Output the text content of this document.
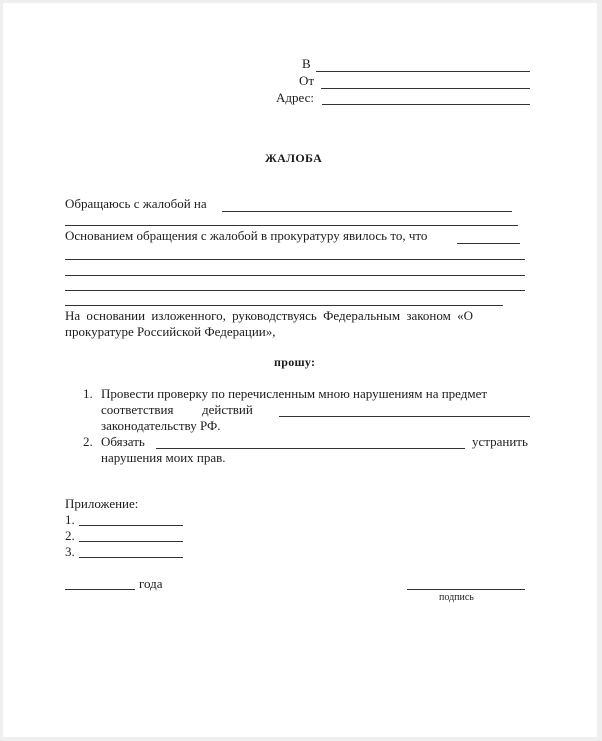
В
От
Адрес:
ЖАЛОБА
Обращаюсь с жалобой на
Основанием обращения с жалобой в прокуратуру явилось то, что
На основании изложенного, руководствуясь Федеральным законом «О
прокуратуре Российской Федерации»,
прошу:
1. Провести проверку по перечисленным мною нарушениям на предмет
соответствия действий
законодательству РФ.
2. Обязать	устранить
нарушения моих прав.
Приложение:
1.
2.
3.
года
подпись
